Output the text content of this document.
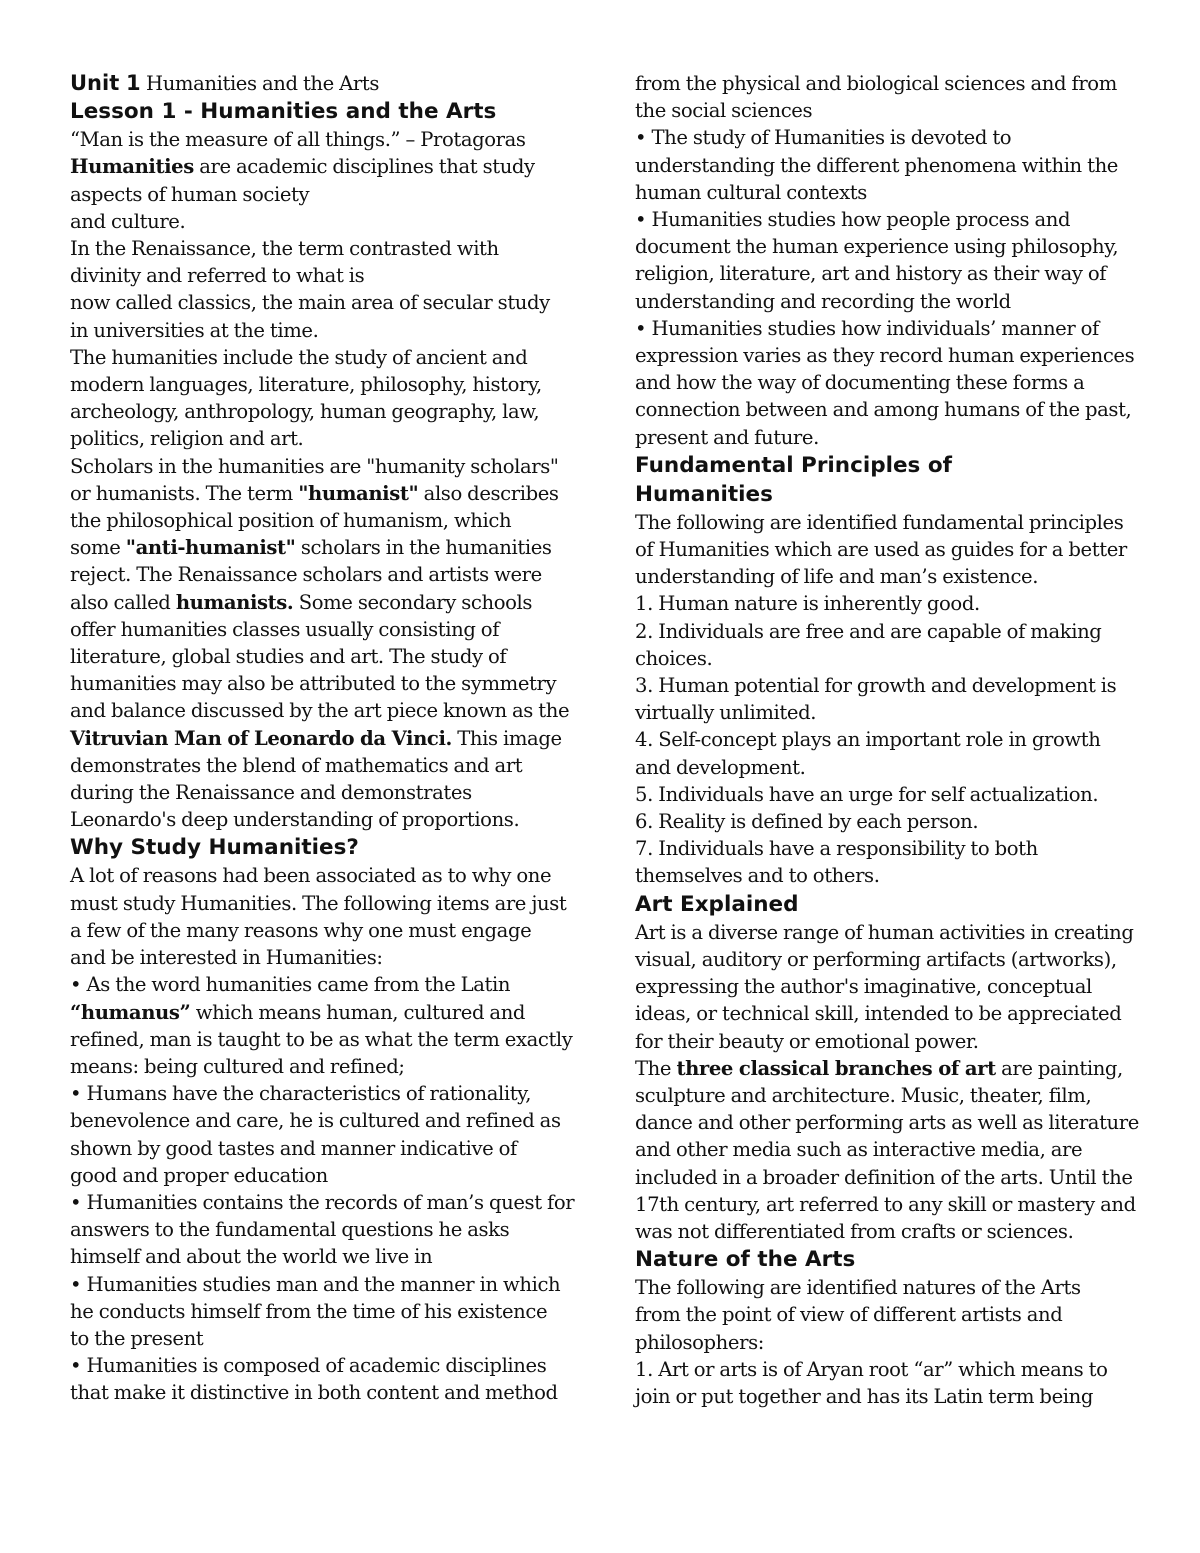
Unit 1 Humanities and the Arts

Lesson 1 - Humanities and the Arts

“Man is the measure of all things.” – Protagoras

Humanities are academic disciplines that study

aspects of human society

and culture.

In the Renaissance, the term contrasted with

divinity and referred to what is

now called classics, the main area of secular study

in universities at the time.

The humanities include the study of ancient and

modern languages, literature, philosophy, history,

archeology, anthropology, human geography, law,

politics, religion and art.

Scholars in the humanities are "humanity scholars"

or humanists. The term "humanist" also describes

the philosophical position of humanism, which

some "anti-humanist" scholars in the humanities

reject. The Renaissance scholars and artists were

also called humanists. Some secondary schools

offer humanities classes usually consisting of

literature, global studies and art. The study of

humanities may also be attributed to the symmetry

and balance discussed by the art piece known as the

Vitruvian Man of Leonardo da Vinci. This image

demonstrates the blend of mathematics and art

during the Renaissance and demonstrates

Leonardo's deep understanding of proportions.

Why Study Humanities?

A lot of reasons had been associated as to why one

must study Humanities. The following items are just

a few of the many reasons why one must engage

and be interested in Humanities:

• As the word humanities came from the Latin

“humanus” which means human, cultured and

refined, man is taught to be as what the term exactly

means: being cultured and refined;

• Humans have the characteristics of rationality,

benevolence and care, he is cultured and refined as

shown by good tastes and manner indicative of

good and proper education

• Humanities contains the records of man’s quest for

answers to the fundamental questions he asks

himself and about the world we live in

• Humanities studies man and the manner in which

he conducts himself from the time of his existence

to the present

• Humanities is composed of academic disciplines

that make it distinctive in both content and method

from the physical and biological sciences and from

the social sciences

• The study of Humanities is devoted to

understanding the different phenomena within the

human cultural contexts

• Humanities studies how people process and

document the human experience using philosophy,

religion, literature, art and history as their way of

understanding and recording the world

• Humanities studies how individuals’ manner of

expression varies as they record human experiences

and how the way of documenting these forms a

connection between and among humans of the past,

present and future.

Fundamental Principles of

Humanities

The following are identified fundamental principles

of Humanities which are used as guides for a better

understanding of life and man’s existence.

1. Human nature is inherently good.

2. Individuals are free and are capable of making

choices.

3. Human potential for growth and development is

virtually unlimited.

4. Self-concept plays an important role in growth

and development.

5. Individuals have an urge for self actualization.

6. Reality is defined by each person.

7. Individuals have a responsibility to both

themselves and to others.

Art Explained

Art is a diverse range of human activities in creating

visual, auditory or performing artifacts (artworks),

expressing the author's imaginative, conceptual

ideas, or technical skill, intended to be appreciated

for their beauty or emotional power.

The three classical branches of art are painting,

sculpture and architecture. Music, theater, film,

dance and other performing arts as well as literature

and other media such as interactive media, are

included in a broader definition of the arts. Until the

17th century, art referred to any skill or mastery and

was not differentiated from crafts or sciences.

Nature of the Arts

The following are identified natures of the Arts

from the point of view of different artists and

philosophers:

1. Art or arts is of Aryan root “ar” which means to

join or put together and has its Latin term being
